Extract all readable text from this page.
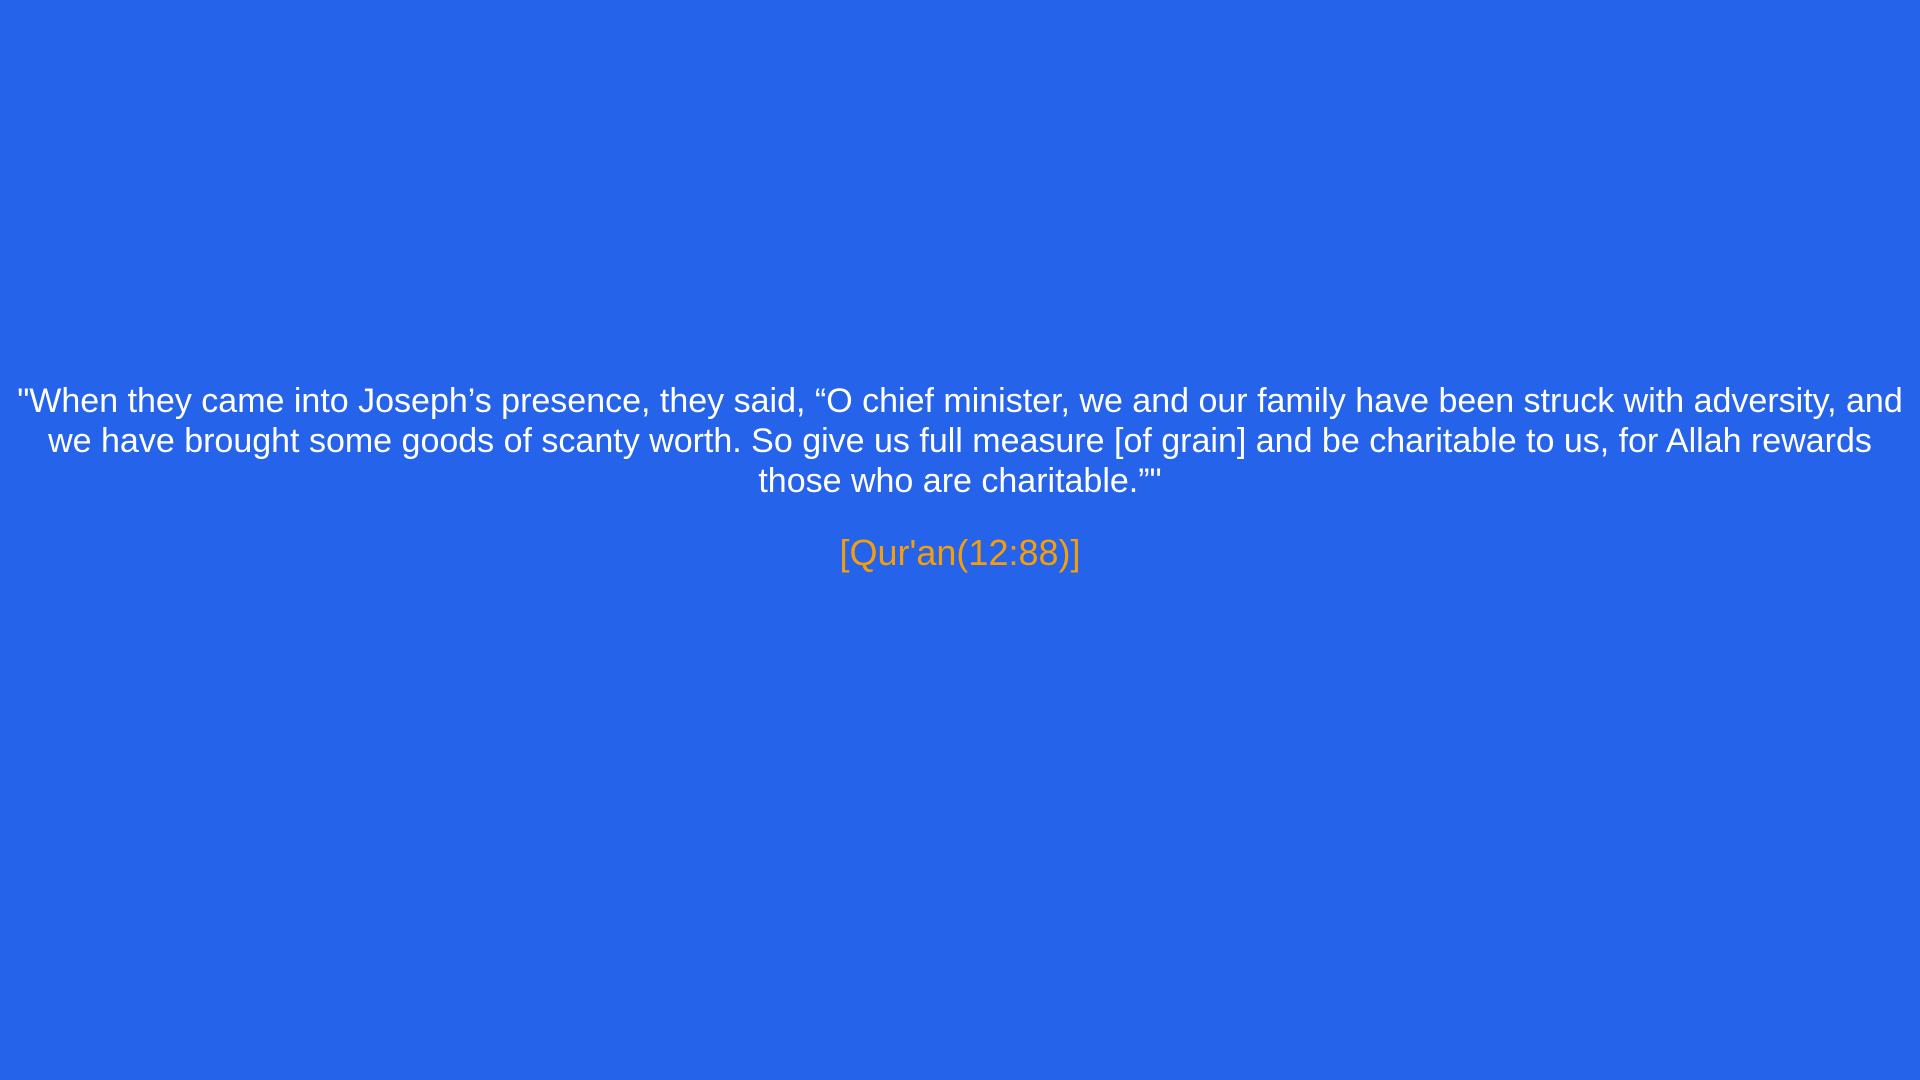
"When they came into Joseph’s presence, they said, “O chief minister, we and our family have been struck with adversity, and we have brought some goods of scanty worth. So give us full measure [of grain] and be charitable to us, for Allah rewards those who are charitable.”"

[Qur'an(12:88)]
